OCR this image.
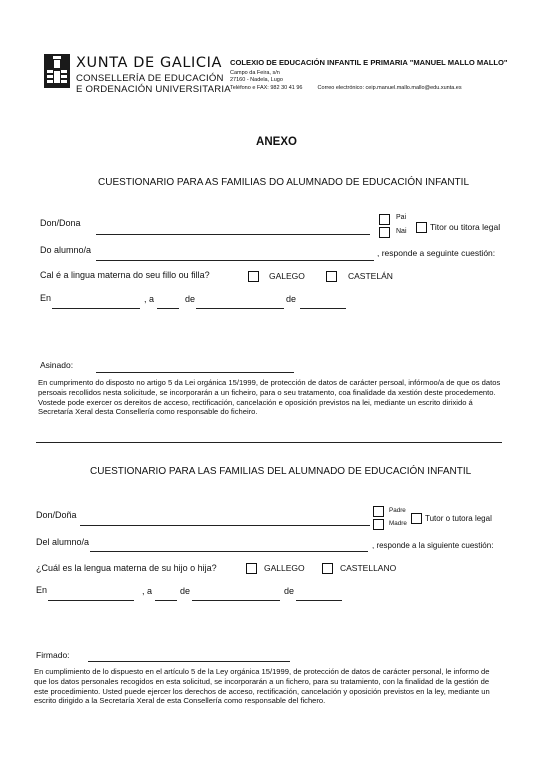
XUNTA DE GALICIA
CONSELLERÍA DE EDUCACIÓN
E ORDENACIÓN UNIVERSITARIA
COLEXIO DE EDUCACIÓN INFANTIL E PRIMARIA "MANUEL MALLO MALLO"
Campo da Feira, s/n
27160 - Nadela, Lugo
Teléfono e FAX: 982 30 41 96	Correo electrónico: ceip.manuel.mallo.mallo@edu.xunta.es
ANEXO
CUESTIONARIO PARA AS FAMILIAS DO ALUMNADO DE EDUCACIÓN INFANTIL
Don/Dona
Pai
Nai	Titor ou titora legal
Do alumno/a	, responde a seguinte cuestión:
Cal é a lingua materna do seu fillo ou filla?	GALEGO	CASTELÁN
En	, a	de	de
Asinado:
En cumprimento do disposto no artigo 5 da Lei orgánica 15/1999, de protección de datos de carácter persoal, infórmoo/a de que os datos persoais recollidos nesta solicitude, se incorporarán a un ficheiro, para o seu tratamento, coa finalidade da xestión deste procedemento. Vostede pode exercer os dereitos de acceso, rectificación, cancelación e oposición previstos na lei, mediante un escrito dirixido á Secretaría Xeral desta Consellería como responsable do ficheiro.
CUESTIONARIO PARA LAS FAMILIAS DEL ALUMNADO DE EDUCACIÓN INFANTIL
Don/Doña	Padre
Madre
Tutor o tutora legal
Del alumno/a	, responde a la siguiente cuestión:
¿Cuál es la lengua materna de su hijo o hija?	GALLEGO	CASTELLANO
En	, a	de	de
Firmado:
En cumplimiento de lo dispuesto en el artículo 5 de la Ley orgánica 15/1999, de protección de datos de carácter personal, le informo de que los datos personales recogidos en esta solicitud, se incorporarán a un fichero, para su tratamiento, con la finalidad de la gestión de este procedimiento. Usted puede ejercer los derechos de acceso, rectificación, cancelación y oposición previstos en la ley, mediante un escrito dirigido a la Secretaría Xeral de esta Consellería como responsable del fichero.
